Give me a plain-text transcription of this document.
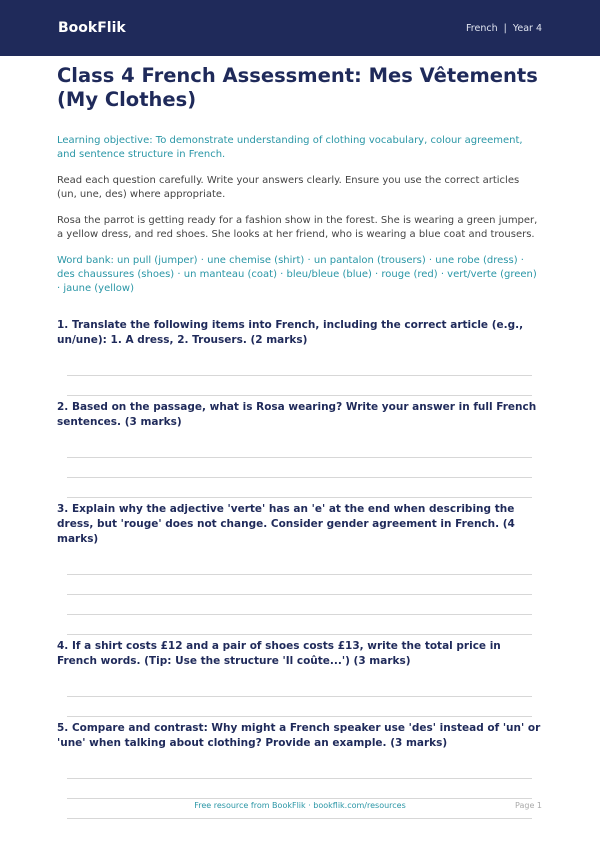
BookFlik	French | Year 4
Class 4 French Assessment: Mes Vêtements (My Clothes)

Learning objective: To demonstrate understanding of clothing vocabulary, colour agreement, and sentence structure in French.

Read each question carefully. Write your answers clearly. Ensure you use the correct articles (un, une, des) where appropriate.

Rosa the parrot is getting ready for a fashion show in the forest. She is wearing a green jumper, a yellow dress, and red shoes. She looks at her friend, who is wearing a blue coat and trousers.

Word bank: un pull (jumper) · une chemise (shirt) · un pantalon (trousers) · une robe (dress) · des chaussures (shoes) · un manteau (coat) · bleu/bleue (blue) · rouge (red) · vert/verte (green) · jaune (yellow)

1. Translate the following items into French, including the correct article (e.g., un/une): 1. A dress, 2. Trousers. (2 marks)

2. Based on the passage, what is Rosa wearing? Write your answer in full French sentences. (3 marks)

3. Explain why the adjective 'verte' has an 'e' at the end when describing the dress, but 'rouge' does not change. Consider gender agreement in French. (4 marks)

4. If a shirt costs £12 and a pair of shoes costs £13, write the total price in French words. (Tip: Use the structure 'Il coûte...') (3 marks)

5. Compare and contrast: Why might a French speaker use 'des' instead of 'un' or 'une' when talking about clothing? Provide an example. (3 marks)

Free resource from BookFlik · bookflik.com/resources	Page 1
